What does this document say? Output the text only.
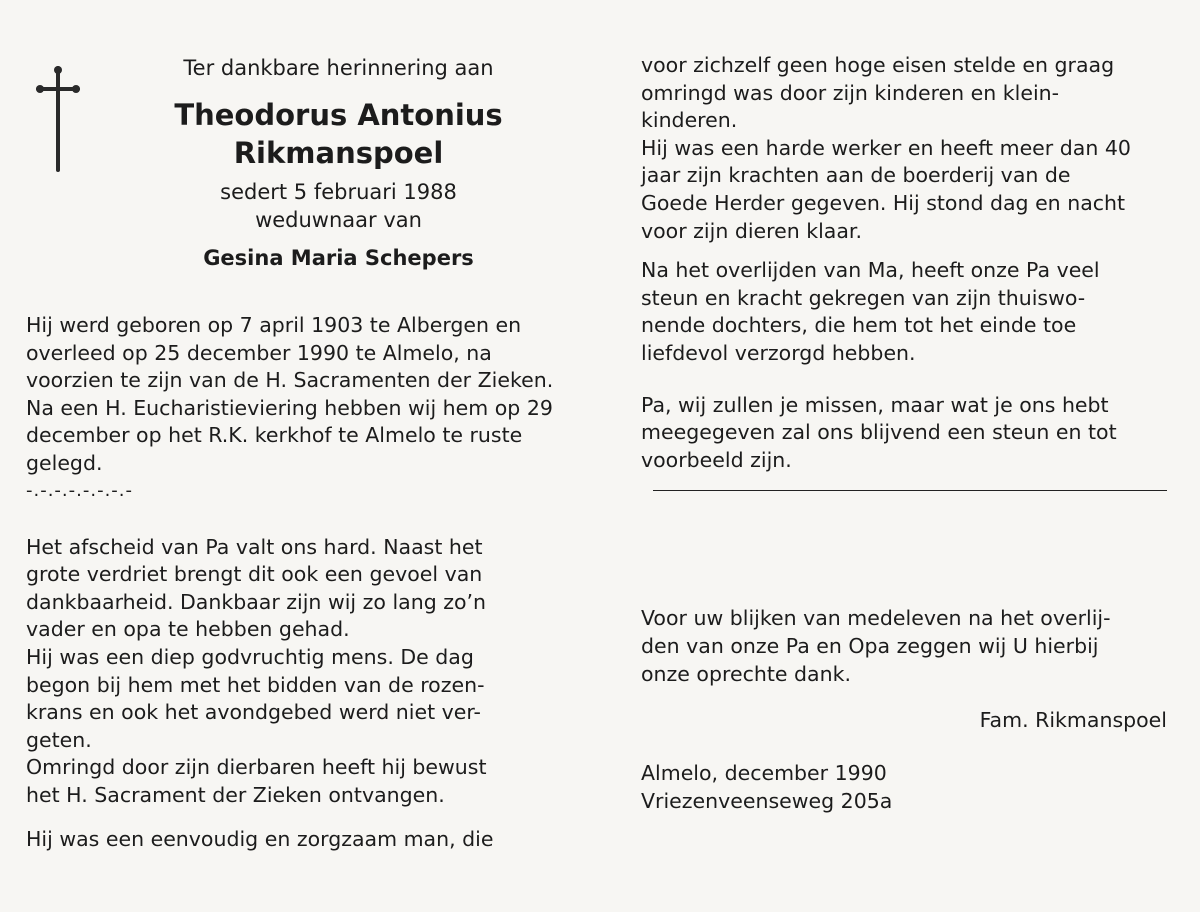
Ter dankbare herinnering aan
Theodorus Antonius
Rikmanspoel
sedert 5 februari 1988
weduwnaar van
Gesina Maria Schepers
Hij werd geboren op 7 april 1903 te Albergen en
overleed op 25 december 1990 te Almelo, na
voorzien te zijn van de H. Sacramenten der Zieken.
Na een H. Eucharistieviering hebben wij hem op 29
december op het R.K. kerkhof te Almelo te ruste
gelegd.
-.-.-.-.-.-.-.-
Het afscheid van Pa valt ons hard. Naast het
grote verdriet brengt dit ook een gevoel van
dankbaarheid. Dankbaar zijn wij zo lang zo’n
vader en opa te hebben gehad.
Hij was een diep godvruchtig mens. De dag
begon bij hem met het bidden van de rozen-
krans en ook het avondgebed werd niet ver-
geten.
Omringd door zijn dierbaren heeft hij bewust
het H. Sacrament der Zieken ontvangen.
Hij was een eenvoudig en zorgzaam man, die
voor zichzelf geen hoge eisen stelde en graag
omringd was door zijn kinderen en klein-
kinderen.
Hij was een harde werker en heeft meer dan 40
jaar zijn krachten aan de boerderij van de
Goede Herder gegeven. Hij stond dag en nacht
voor zijn dieren klaar.
Na het overlijden van Ma, heeft onze Pa veel
steun en kracht gekregen van zijn thuiswo-
nende dochters, die hem tot het einde toe
liefdevol verzorgd hebben.
Pa, wij zullen je missen, maar wat je ons hebt
meegegeven zal ons blijvend een steun en tot
voorbeeld zijn.
Voor uw blijken van medeleven na het overlij-
den van onze Pa en Opa zeggen wij U hierbij
onze oprechte dank.
Fam. Rikmanspoel
Almelo, december 1990
Vriezenveenseweg 205a
